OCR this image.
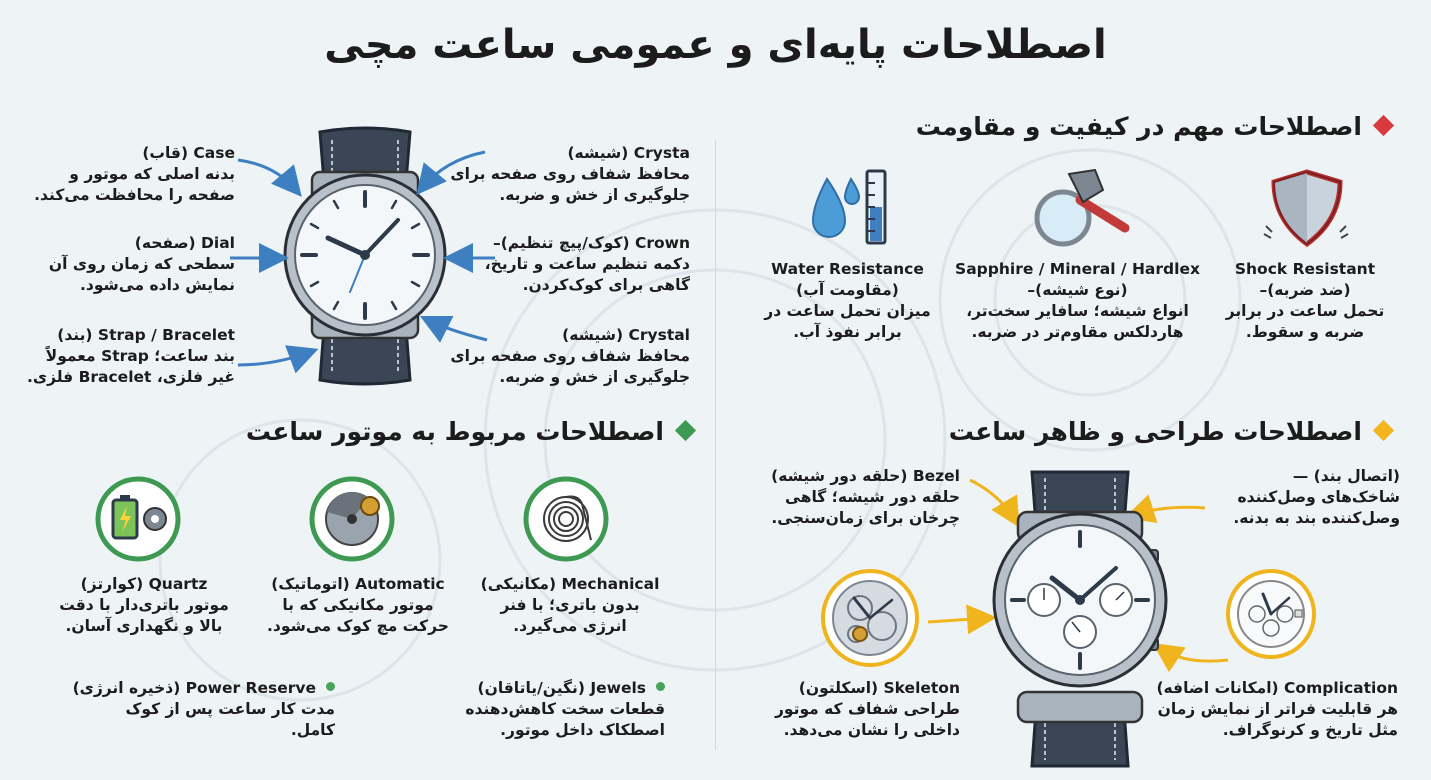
اصطلاحات پایه‌ای و عمومی ساعت مچی
Case (قاب)
بدنه اصلی که موتور و
صفحه را محافظت می‌کند.
Dial (صفحه)
سطحی که زمان روی آن
نمایش داده می‌شود.
Strap / Bracelet (بند)
بند ساعت؛ Strap معمولاً
غیر فلزی، Bracelet فلزی.
Crysta (شیشه)
محافظ شفاف روی صفحه برای
جلوگیری از خش و ضربه.
Crown (کوک/پیچ تنظیم)–
دکمه تنظیم ساعت و تاریخ،
گاهی برای کوک‌کردن.
Crystal (شیشه)
محافظ شفاف روی صفحه برای
جلوگیری از خش و ضربه.
اصطلاحات مهم در کیفیت و مقاومت
Shock Resistant
(ضد ضربه)–
تحمل ساعت در برابر
ضربه و سقوط.
Sapphire / Mineral / Hardlex
(نوع شیشه)–
انواع شیشه؛ سافایر سخت‌تر،
هاردلکس مقاوم‌تر در ضربه.
Water Resistance
(مقاومت آب)
میزان تحمل ساعت در
برابر نفوذ آب.
اصطلاحات مربوط به موتور ساعت
Mechanical (مکانیکی)
بدون باتری؛ با فنر
انرژی می‌گیرد.
Automatic (اتوماتیک)
موتور مکانیکی که با
حرکت مچ کوک می‌شود.
Quartz (کوارتز)
موتور باتری‌دار با دقت
بالا و نگهداری آسان.
Jewels (نگین/یاتاقان)
قطعات سخت کاهش‌دهنده
اصطکاک داخل موتور.
Power Reserve (ذخیره انرژی)
مدت کار ساعت پس از کوک
کامل.
اصطلاحات طراحی و ظاهر ساعت
(اتصال بند) —
شاخک‌های وصل‌کننده
وصل‌کننده بند به بدنه.
Bezel (حلقه دور شیشه)
حلقه دور شیشه؛ گاهی
چرخان برای زمان‌سنجی.
Complication (امکانات اضافه)
هر قابلیت فراتر از نمایش زمان
مثل تاریخ و کرنوگراف.
Skeleton (اسکلتون)
طراحی شفاف که موتور
داخلی را نشان می‌دهد.
